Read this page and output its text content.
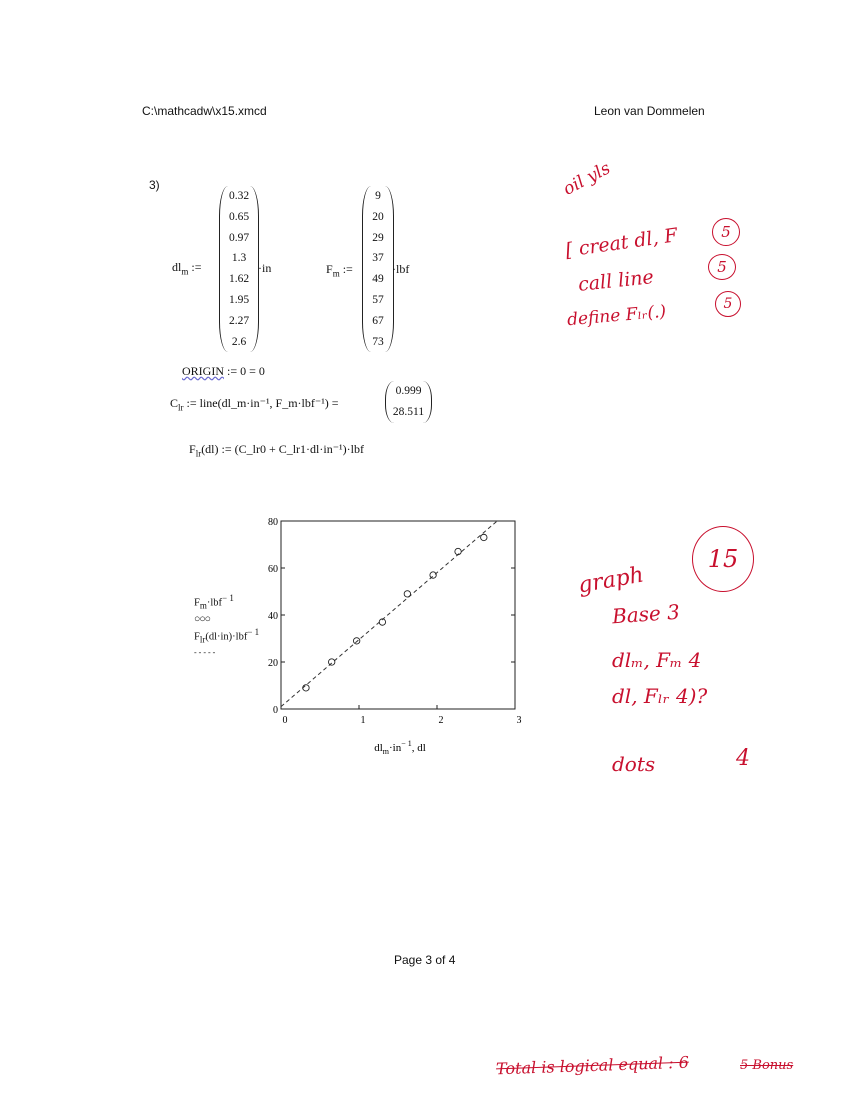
C:\mathcadw\x15.xmcd	Leon van Dommelen
3)
$dl_m$ :=
0.32
0.65
0.97
1.3
1.62
1.95
2.27
2.6
·in	$F_m$ :=
9
20
29
37
49
57
67
73
·lbf
ORIGIN := 0 = 0
$C_{lr}$ := line(dl_m·in⁻¹, F_m·lbf⁻¹) =
0.999
28.511
$F_{lr}(dl)$ := (C_lr0 + C_lr1·dl·in⁻¹)·lbf
0	1	2	3
0
20
40
60
80
$dl_m\cdot in^{- 1}$, dl
$F_m\cdot lbf^{- 1}$
○○○
$F_{lr}(dl\cdot in)\cdot lbf^{- 1}$
- - - - -
Page 3 of 4
oil yls
[ creat dl, F	5
call line	5
define Fₗᵣ(.)	5
graph
15
Base 3
dlₘ, Fₘ 4
dl, Fₗᵣ 4)?
dots	4
Total is logical equal : 6	5 Bonus
